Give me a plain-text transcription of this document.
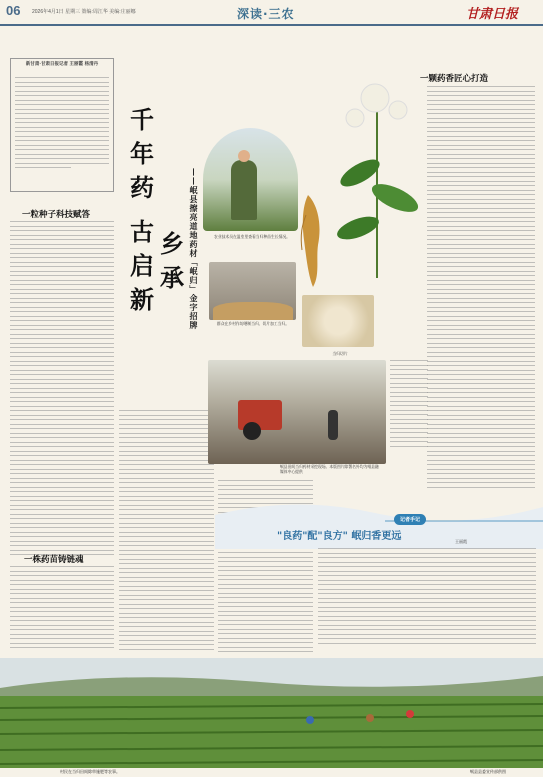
06 2026年4月1日 星期三 策编:周江华 美编:庄丽娜	深读·三农	甘肃日报
新甘肃·甘肃日报记者 王丽霞 杨清丹
千
年
药
乡
承
古
启
新	——岷县擦亮道地药材「岷归」金字招牌
一粒种子科技赋答
一株药苗铸链魂
农业技术员在温室里查看当归种苗生长情况。
群众在乡村作坊晒制当归、切片加工当归。
当归切片
岷县田间当归药材采挖现场。本版图片除署名外均为岷县融媒体中心提供
一颗药香匠心打造
记者手记
"良药"配"良方" 岷归香更远	王丽霞
村民在当归田间除草施肥等农事。	岷县县委宣传部供图
